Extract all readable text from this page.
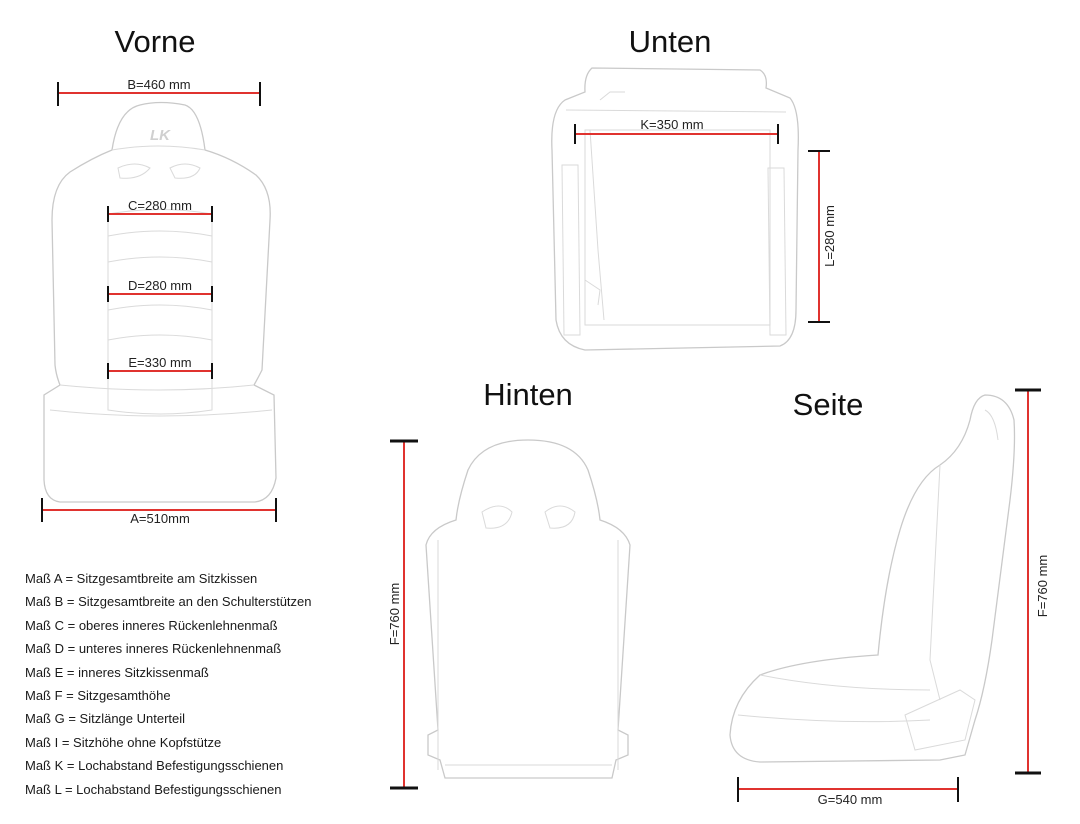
Vorne	Unten
Hinten	Seite
LK
B=460 mm
C=280 mm
D=280 mm
E=330 mm
A=510mm
K=350 mm
L=280 mm
F=760 mm	F=760 mm
G=540 mm
Maß A = Sitzgesamtbreite am Sitzkissen
Maß B = Sitzgesamtbreite an den Schulterstützen
Maß C = oberes inneres Rückenlehnenmaß
Maß D = unteres inneres Rückenlehnenmaß
Maß E = inneres Sitzkissenmaß
Maß F = Sitzgesamthöhe
Maß G = Sitzlänge Unterteil
Maß I = Sitzhöhe ohne Kopfstütze
Maß K = Lochabstand Befestigungsschienen
Maß L = Lochabstand Befestigungsschienen
